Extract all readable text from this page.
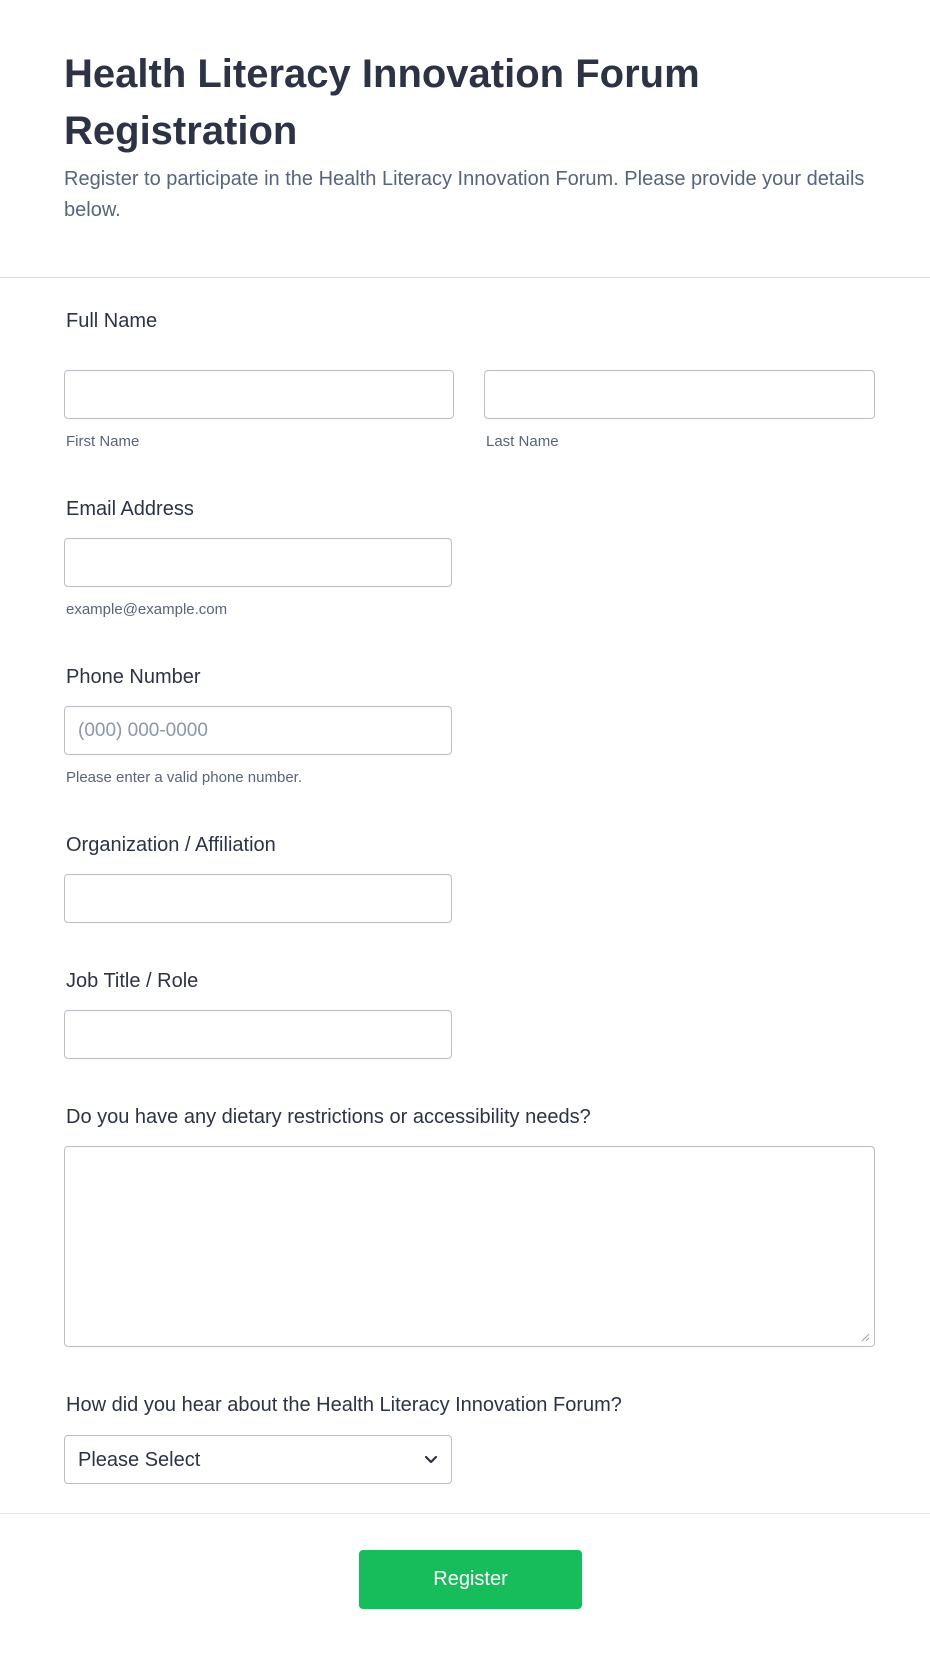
Health Literacy Innovation Forum Registration

Register to participate in the Health Literacy Innovation Forum. Please provide your details below.

Full Name
First Name	Last Name
Email Address
example@example.com
Phone Number
(000) 000-0000
Please enter a valid phone number.
Organization / Affiliation
Job Title / Role
Do you have any dietary restrictions or accessibility needs?
How did you hear about the Health Literacy Innovation Forum?
Please Select
Register
